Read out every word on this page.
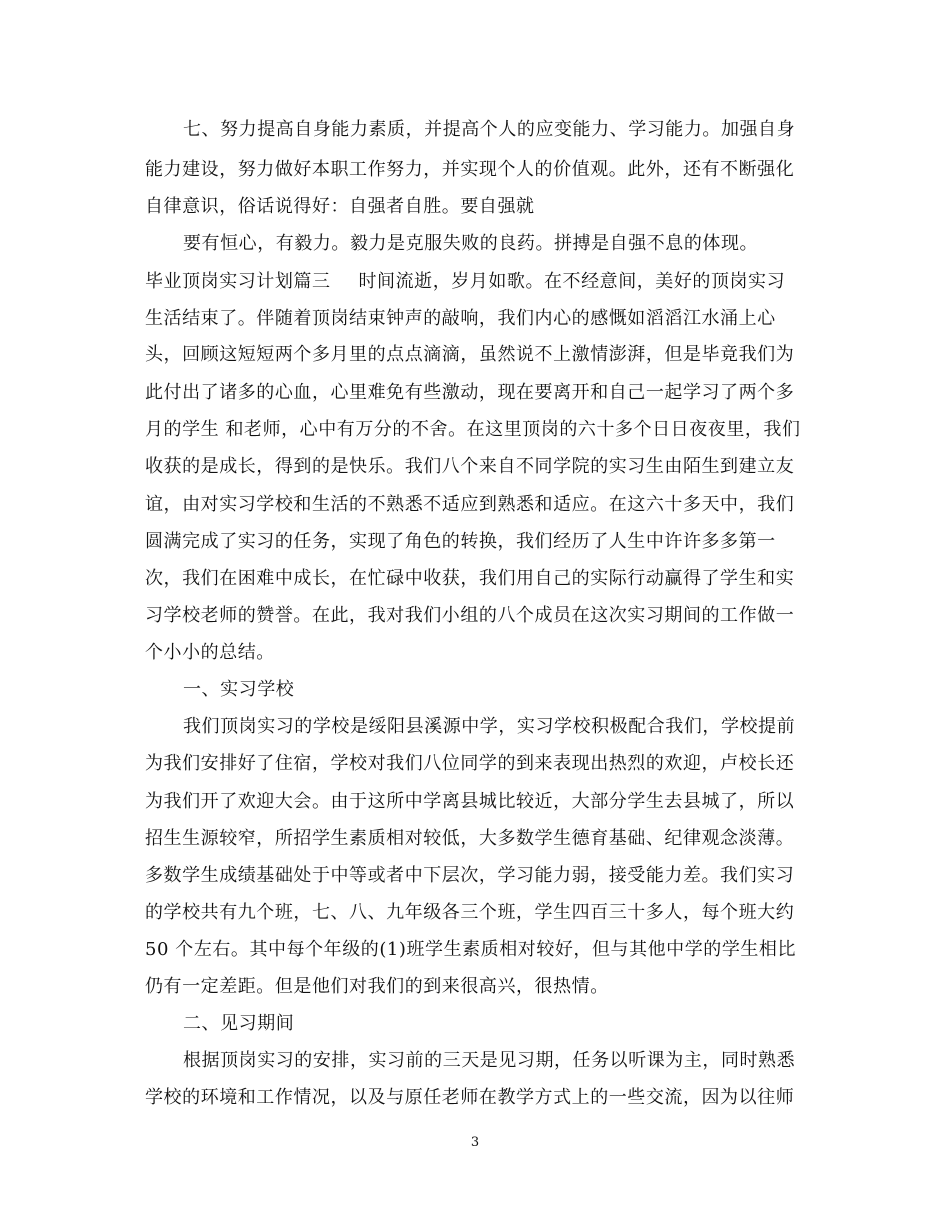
七、努力提高自身能力素质，并提高个人的应变能力、学习能力。加强自身
能力建设，努力做好本职工作努力，并实现个人的价值观。此外，还有不断强化
自律意识，俗话说得好：自强者自胜。要自强就
要有恒心，有毅力。毅力是克服失败的良药。拼搏是自强不息的体现。
毕业顶岗实习计划篇三 时间流逝，岁月如歌。在不经意间，美好的顶岗实习
生活结束了。伴随着顶岗结束钟声的敲响，我们内心的感慨如滔滔江水涌上心
头，回顾这短短两个多月里的点点滴滴，虽然说不上激情澎湃，但是毕竟我们为
此付出了诸多的心血，心里难免有些激动，现在要离开和自己一起学习了两个多
月的学生 和老师，心中有万分的不舍。在这里顶岗的六十多个日日夜夜里，我们
收获的是成长，得到的是快乐。我们八个来自不同学院的实习生由陌生到建立友
谊，由对实习学校和生活的不熟悉不适应到熟悉和适应。在这六十多天中，我们
圆满完成了实习的任务，实现了角色的转换，我们经历了人生中许许多多第一
次，我们在困难中成长，在忙碌中收获，我们用自己的实际行动赢得了学生和实
习学校老师的赞誉。在此，我对我们小组的八个成员在这次实习期间的工作做一
个小小的总结。
一、实习学校
我们顶岗实习的学校是绥阳县溪源中学，实习学校积极配合我们，学校提前
为我们安排好了住宿，学校对我们八位同学的到来表现出热烈的欢迎，卢校长还
为我们开了欢迎大会。由于这所中学离县城比较近，大部分学生去县城了，所以
招生生源较窄，所招学生素质相对较低，大多数学生德育基础、纪律观念淡薄。
多数学生成绩基础处于中等或者中下层次，学习能力弱，接受能力差。我们实习
的学校共有九个班，七、八、九年级各三个班，学生四百三十多人，每个班大约
50 个左右。其中每个年级的(1)班学生素质相对较好，但与其他中学的学生相比
仍有一定差距。但是他们对我们的到来很高兴，很热情。
二、见习期间
根据顶岗实习的安排，实习前的三天是见习期，任务以听课为主，同时熟悉
学校的环境和工作情况，以及与原任老师在教学方式上的一些交流，因为以往师
3
